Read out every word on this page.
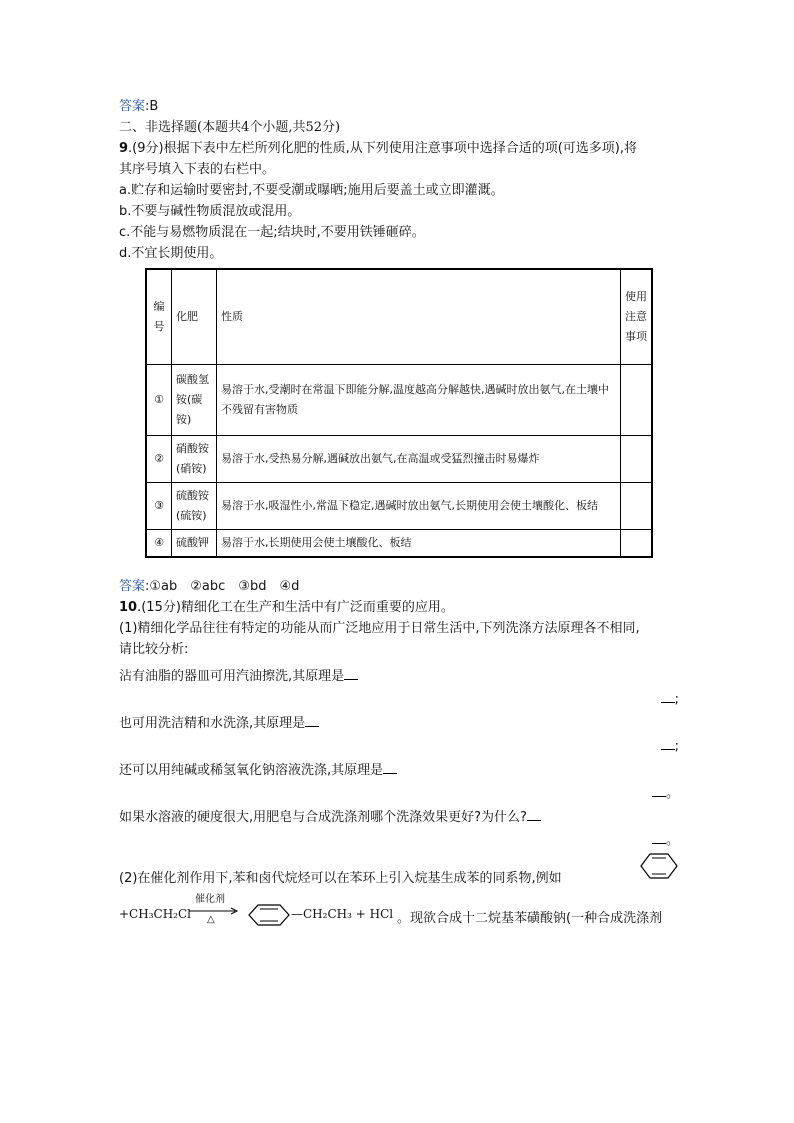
答案:B
二、非选择题(本题共4个小题,共52分)
9.(9分)根据下表中左栏所列化肥的性质,从下列使用注意事项中选择合适的项(可选多项),将
其序号填入下表的右栏中。
a.贮存和运输时要密封,不要受潮或曝晒;施用后要盖土或立即灌溉。
b.不要与碱性物质混放或混用。
c.不能与易燃物质混在一起;结块时,不要用铁锤砸碎。
d.不宜长期使用。
编号	化肥	性质	使用注意事项
①	碳酸氢铵(碳铵)	易溶于水,受潮时在常温下即能分解,温度越高分解越快,遇碱时放出氨气,在土壤中不残留有害物质	
②	硝酸铵(硝铵)	易溶于水,受热易分解,遇碱放出氨气,在高温或受猛烈撞击时易爆炸	
③	硫酸铵(硫铵)	易溶于水,吸湿性小,常温下稳定,遇碱时放出氨气,长期使用会使土壤酸化、板结	
④	硫酸钾	易溶于水,长期使用会使土壤酸化、板结	
答案:①ab　②abc　③bd　④d
10.(15分)精细化工在生产和生活中有广泛而重要的应用。
(1)精细化学品往往有特定的功能从而广泛地应用于日常生活中,下列洗涤方法原理各不相同,
请比较分析:
沾有油脂的器皿可用汽油擦洗,其原理是
;
也可用洗洁精和水洗涤,其原理是
;
还可以用纯碱或稀氢氧化钠溶液洗涤,其原理是
。
如果水溶液的硬度很大,用肥皂与合成洗涤剂哪个洗涤效果更好?为什么?
。
(2)在催化剂作用下,苯和卤代烷烃可以在苯环上引入烷基生成苯的同系物,例如
+CH₃CH₂Cl
催化剂
△	—CH₂CH₃ + HCl 。现欲合成十二烷基苯磺酸钠(一种合成洗涤剂
